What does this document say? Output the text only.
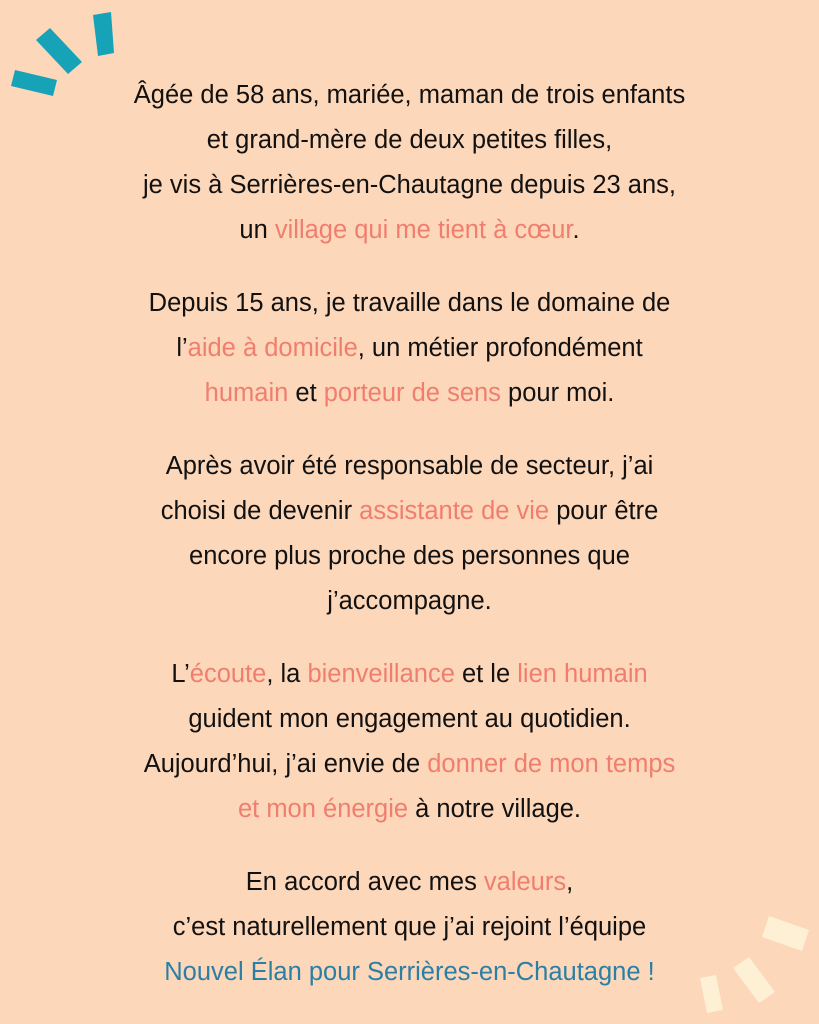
Âgée de 58 ans, mariée, maman de trois enfants
et grand-mère de deux petites filles,
je vis à Serrières-en-Chautagne depuis 23 ans,
un village qui me tient à cœur.

Depuis 15 ans, je travaille dans le domaine de
l’aide à domicile, un métier profondément
humain et porteur de sens pour moi.

Après avoir été responsable de secteur, j’ai
choisi de devenir assistante de vie pour être
encore plus proche des personnes que
j’accompagne.

L’écoute, la bienveillance et le lien humain
guident mon engagement au quotidien.
Aujourd’hui, j’ai envie de donner de mon temps
et mon énergie à notre village.

En accord avec mes valeurs,
c’est naturellement que j’ai rejoint l’équipe
Nouvel Élan pour Serrières-en-Chautagne !
